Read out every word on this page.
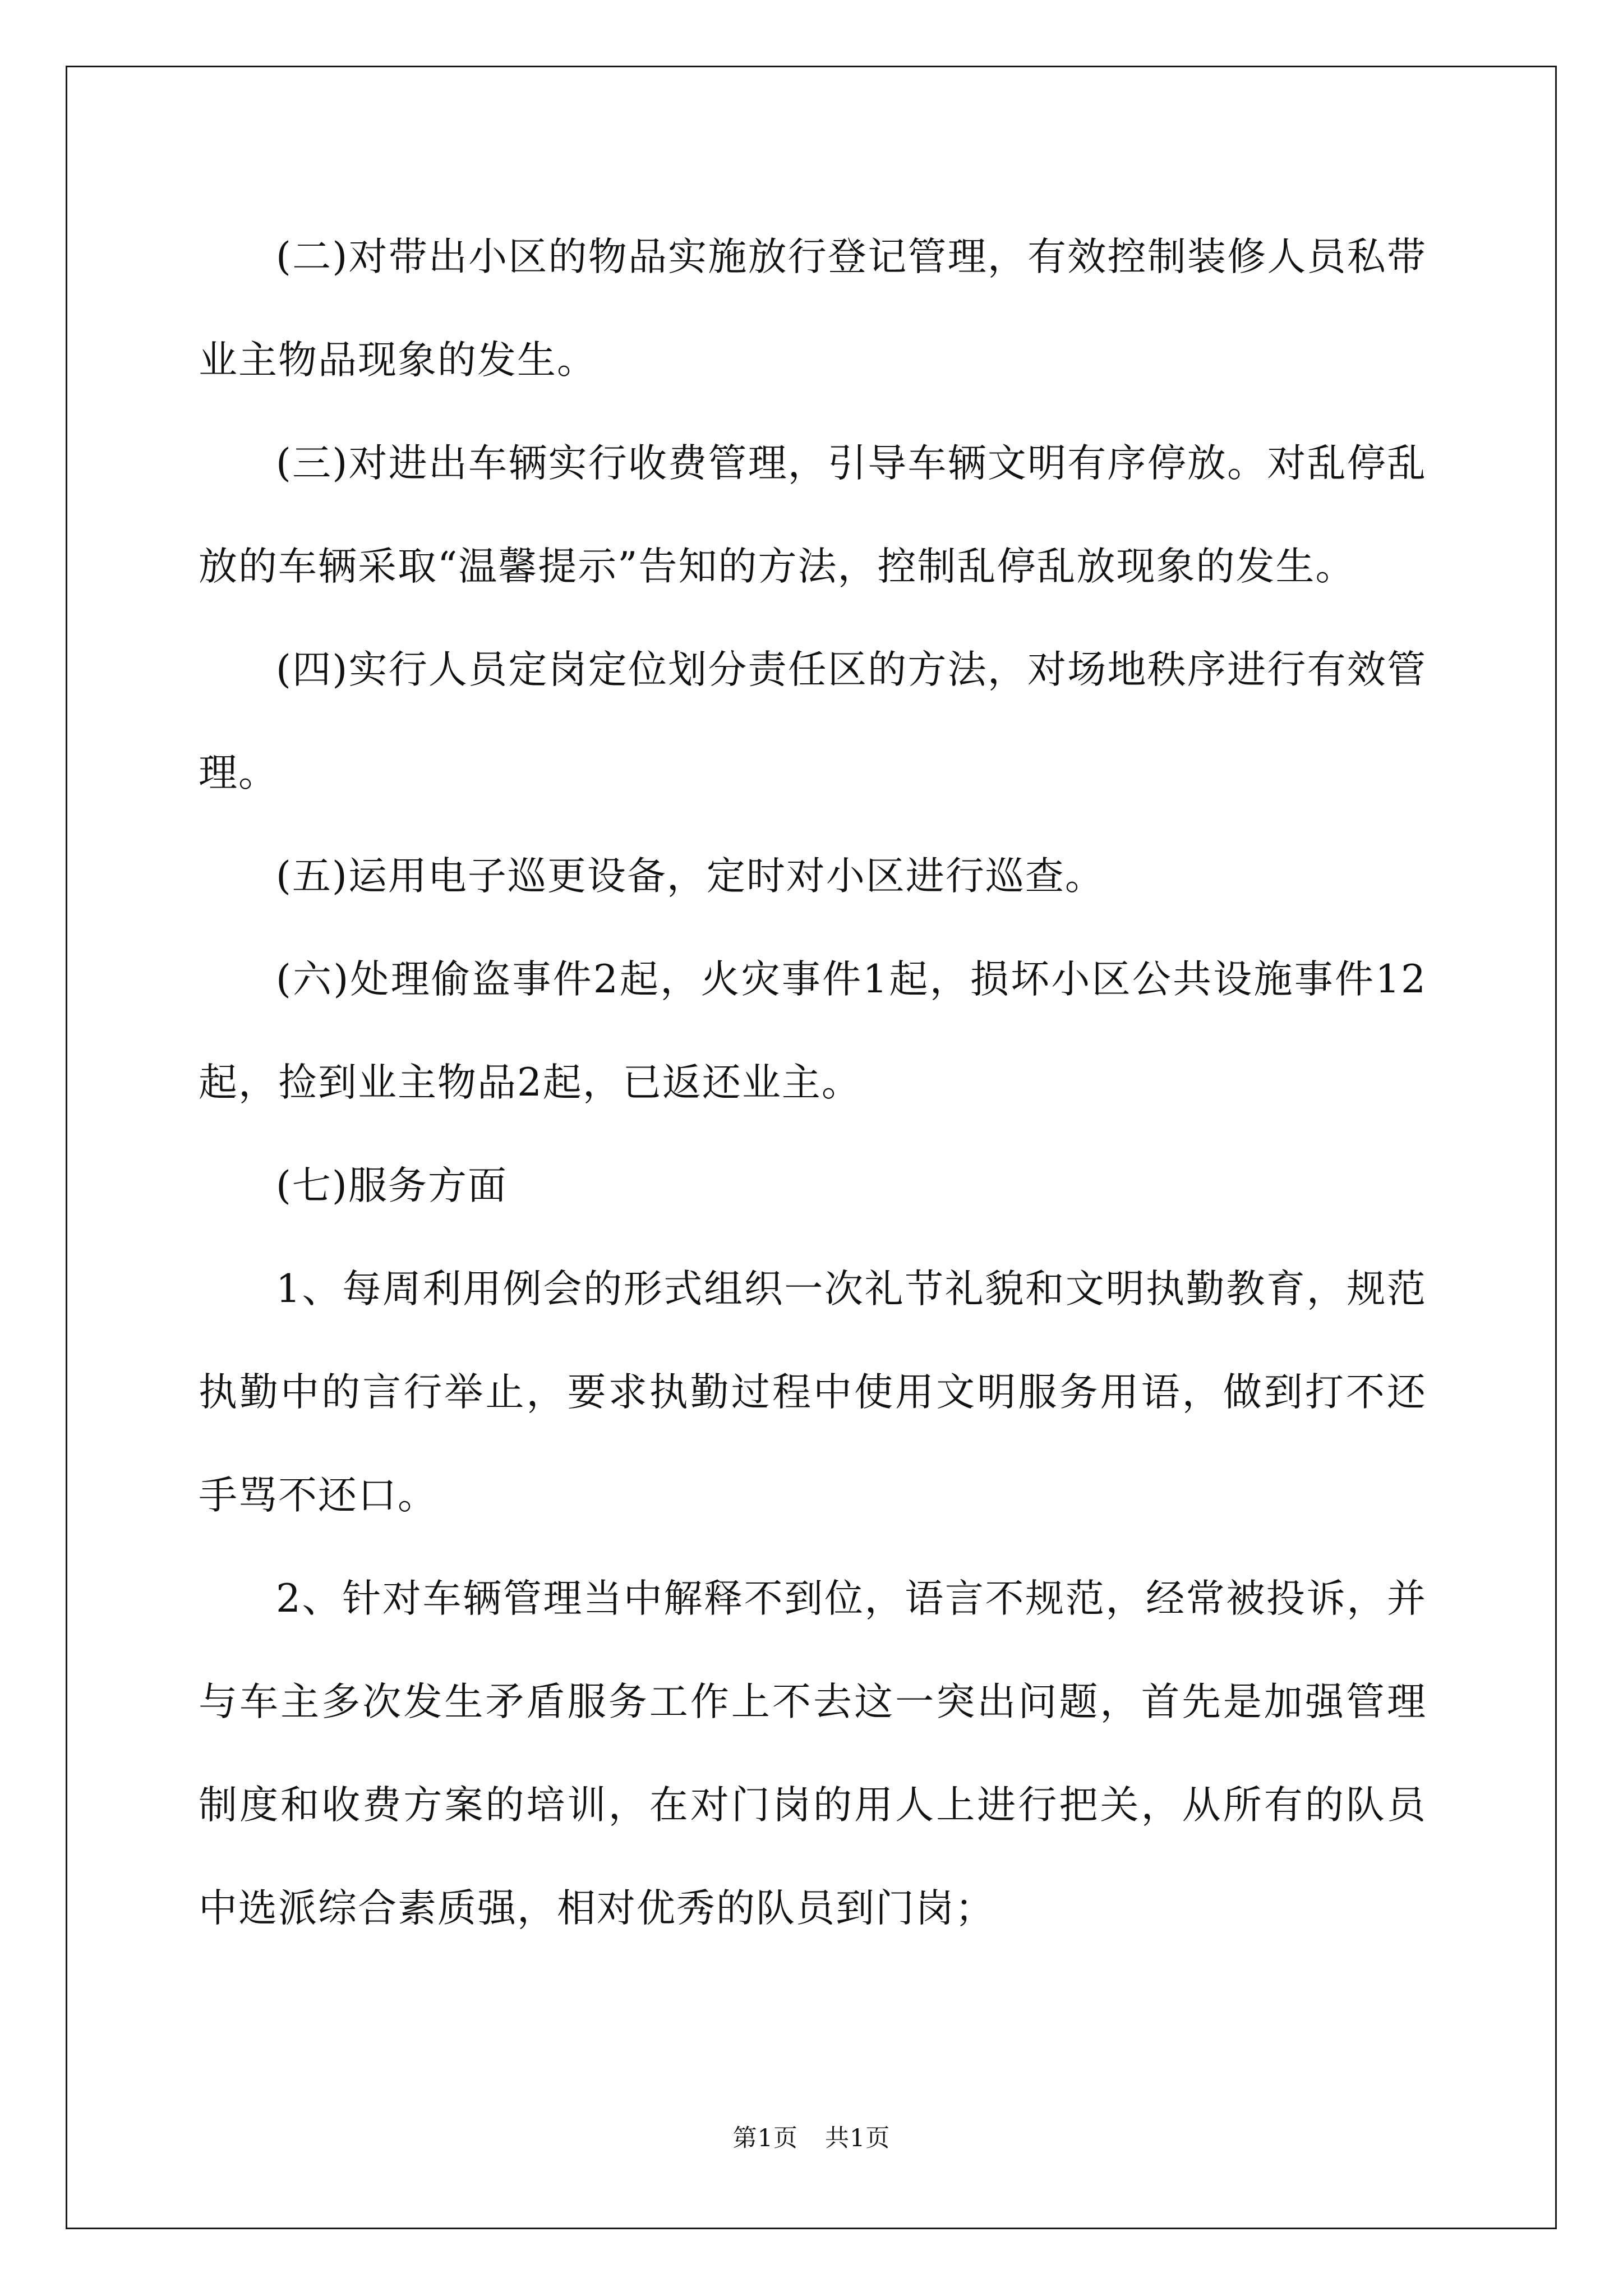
(二)对带出小区的物品实施放行登记管理，有效控制装修人员私带业主物品现象的发生。

(三)对进出车辆实行收费管理，引导车辆文明有序停放。对乱停乱放的车辆采取“温馨提示”告知的方法，控制乱停乱放现象的发生。

(四)实行人员定岗定位划分责任区的方法，对场地秩序进行有效管理。

(五)运用电子巡更设备，定时对小区进行巡查。

(六)处理偷盗事件2起，火灾事件1起，损坏小区公共设施事件12起，捡到业主物品2起，已返还业主。

(七)服务方面

1、每周利用例会的形式组织一次礼节礼貌和文明执勤教育，规范执勤中的言行举止，要求执勤过程中使用文明服务用语，做到打不还手骂不还口。

2、针对车辆管理当中解释不到位，语言不规范，经常被投诉，并与车主多次发生矛盾服务工作上不去这一突出问题，首先是加强管理制度和收费方案的培训，在对门岗的用人上进行把关，从所有的队员中选派综合素质强，相对优秀的队员到门岗；

第1页 共1页
